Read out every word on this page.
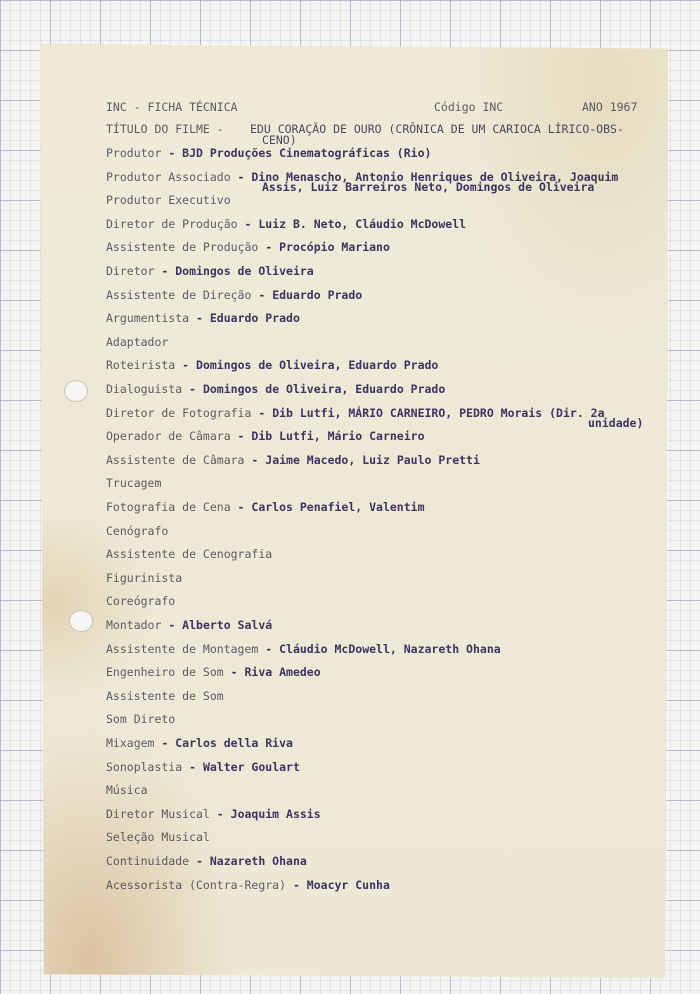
INC - FICHA TÉCNICA	Código INC	ANO 1967
TÍTULO DO FILME - EDU CORAÇÃO DE OURO (CRÔNICA DE UM CARIOCA LÍRICO-OBS-
CENO)
Produtor - BJD Produções Cinematográficas (Rio)
Produtor Associado - Dino Menascho, Antonio Henriques de Oliveira, Joaquim
Assis, Luiz Barreiros Neto, Domingos de Oliveira
Produtor Executivo
Diretor de Produção - Luiz B. Neto, Cláudio McDowell
Assistente de Produção - Procópio Mariano
Diretor - Domingos de Oliveira
Assistente de Direção - Eduardo Prado
Argumentista - Eduardo Prado
Adaptador
Roteirista - Domingos de Oliveira, Eduardo Prado
Dialoguista - Domingos de Oliveira, Eduardo Prado
Diretor de Fotografia - Dib Lutfi, MÁRIO CARNEIRO, PEDRO Morais (Dir. 2a
unidade)
Operador de Câmara - Dib Lutfi, Mário Carneiro
Assistente de Câmara - Jaime Macedo, Luiz Paulo Pretti
Trucagem
Fotografia de Cena - Carlos Penafiel, Valentim
Cenógrafo
Assistente de Cenografia
Figurinista
Coreógrafo
Montador - Alberto Salvá
Assistente de Montagem - Cláudio McDowell, Nazareth Ohana
Engenheiro de Som - Riva Amedeo
Assistente de Som
Som Direto
Mixagem - Carlos della Riva
Sonoplastia - Walter Goulart
Música
Diretor Musical - Joaquim Assis
Seleção Musical
Continuidade - Nazareth Ohana
Acessorista (Contra-Regra) - Moacyr Cunha
